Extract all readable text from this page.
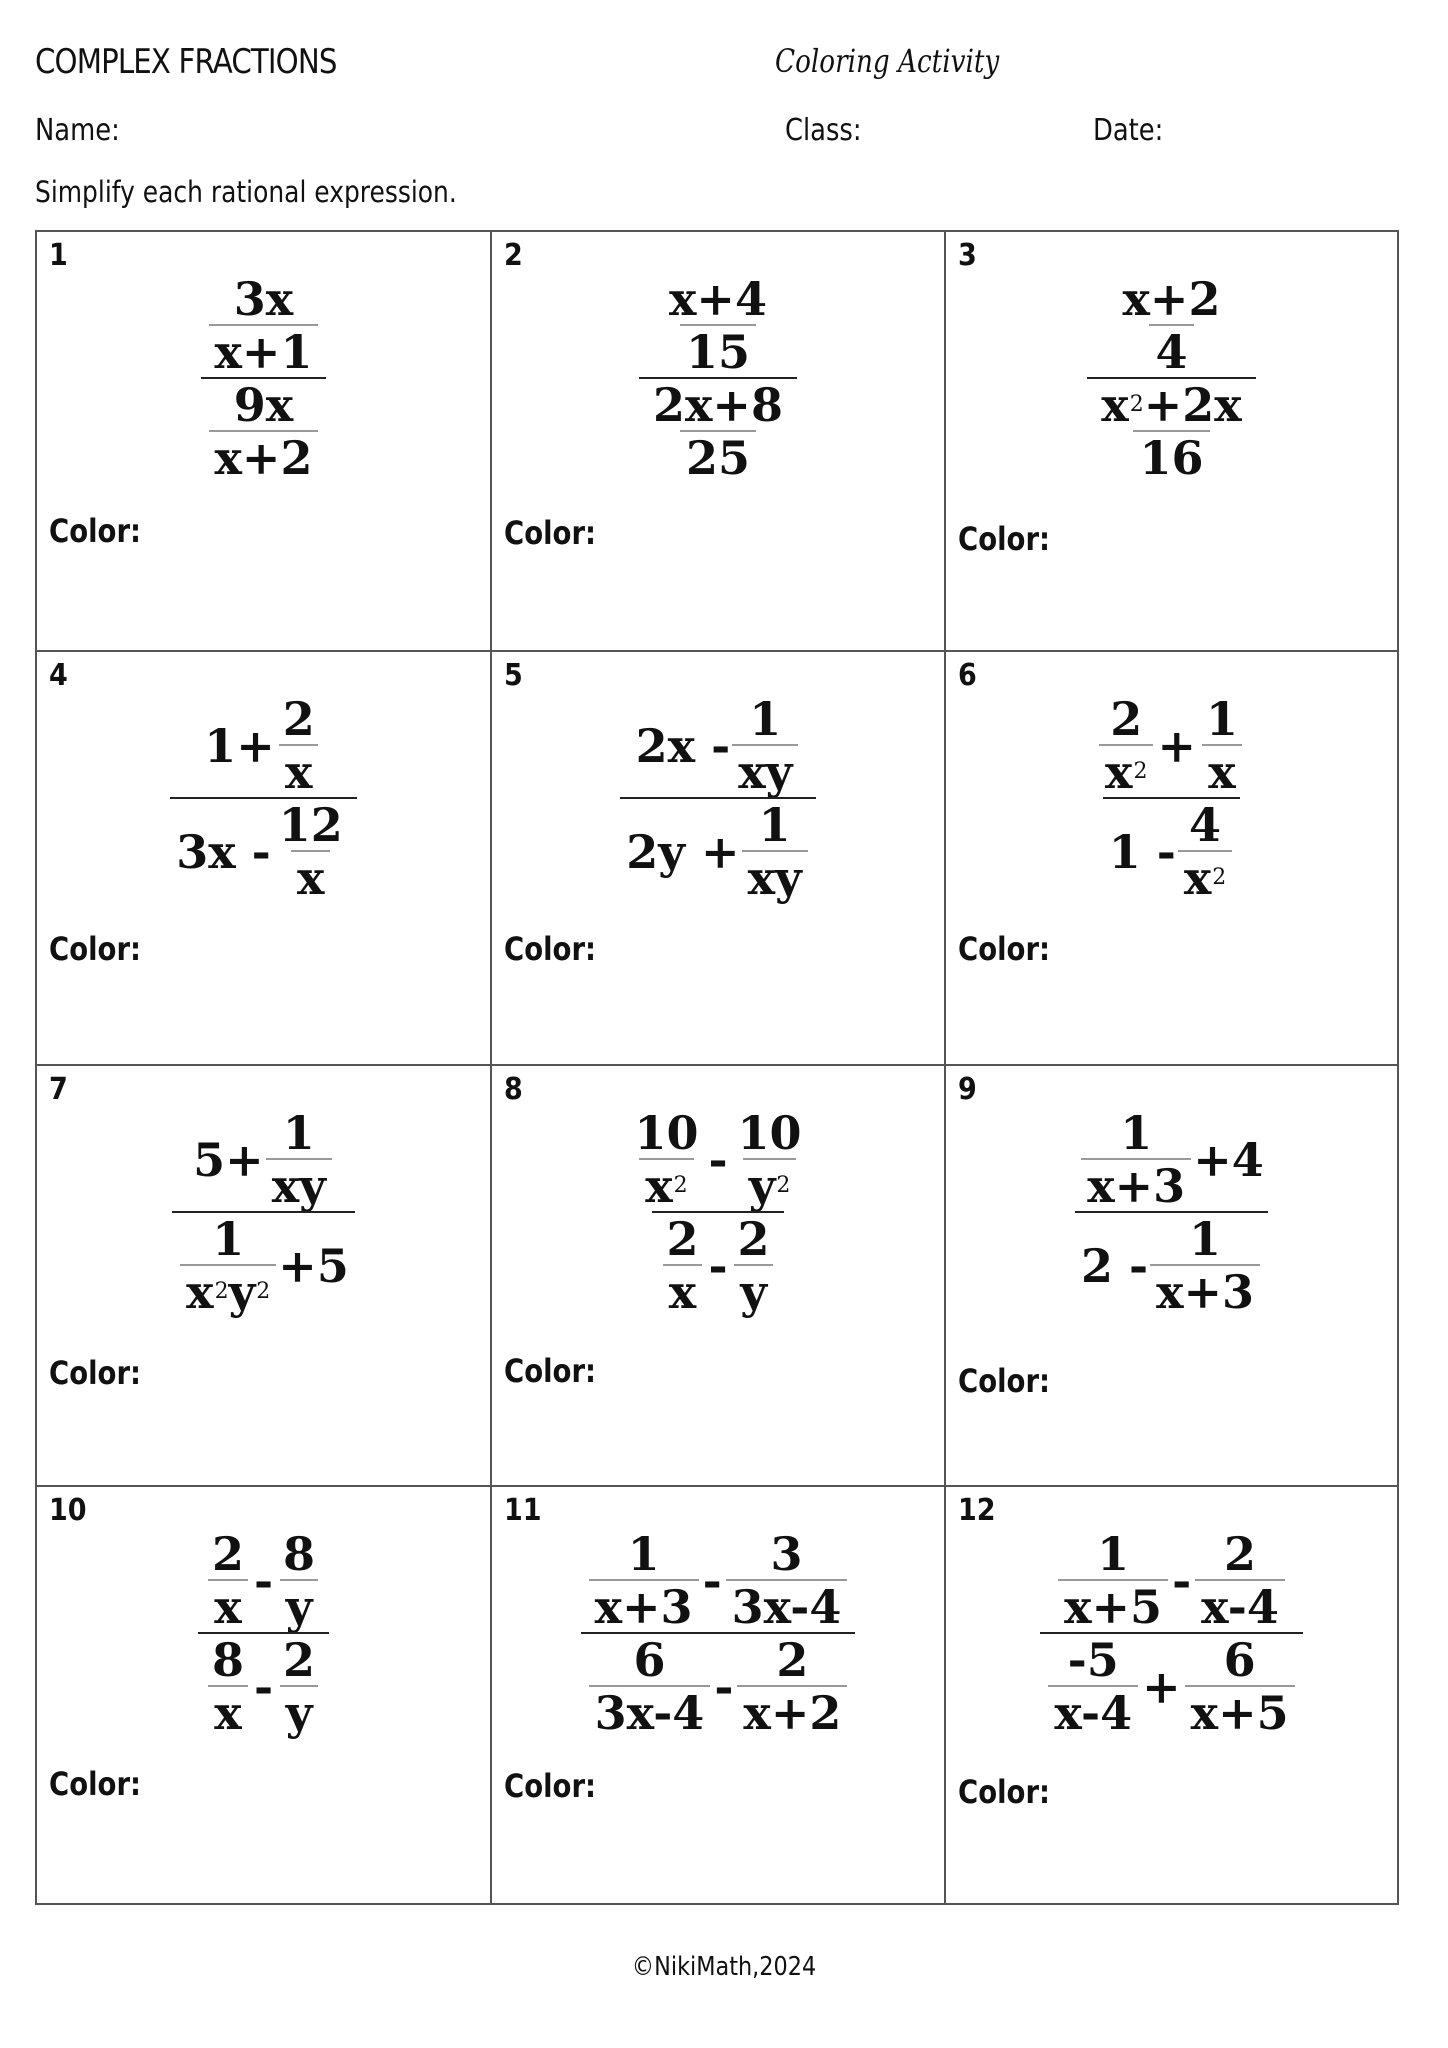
COMPLEX FRACTIONS	Coloring Activity
Name:	Class:	Date:
Simplify each rational expression.
1
$\frac{\frac{3x}{x+1}}{\frac{9x}{x+2}}$
Color:
2
$\frac{\frac{x+4}{15}}{\frac{2x+8}{25}}$
Color:
3
$\frac{\frac{x+2}{4}}{\frac{x 2 +2x}{16}}$
Color:
4
$\frac{1+ \frac{2}{x}}{3x - \frac{12}{x}}$
Color:
5
$\frac{2x - \frac{1}{xy}}{2y + \frac{1}{xy}}$
Color:
6
$\frac{\frac{2}{x 2} + \frac{1}{x}}{1 - \frac{4}{x 2}}$
Color:
7
$\frac{5+ \frac{1}{xy}}{\frac{1}{x 2 y 2} +5}$
Color:
8
$\frac{\frac{10}{x 2} - \frac{10}{y 2}}{\frac{2}{x} - \frac{2}{y}}$
Color:
9
$\frac{\frac{1}{x+3} +4}{2 - \frac{1}{x+3}}$
Color:
10
$\frac{\frac{2}{x} - \frac{8}{y}}{\frac{8}{x} - \frac{2}{y}}$
Color:
11
$\frac{\frac{1}{x+3} - \frac{3}{3x-4}}{\frac{6}{3x-4} - \frac{2}{x+2}}$
Color:
12
$\frac{\frac{1}{x+5} - \frac{2}{x-4}}{\frac{-5}{x-4} + \frac{6}{x+5}}$
Color:
©NikiMath,2024
